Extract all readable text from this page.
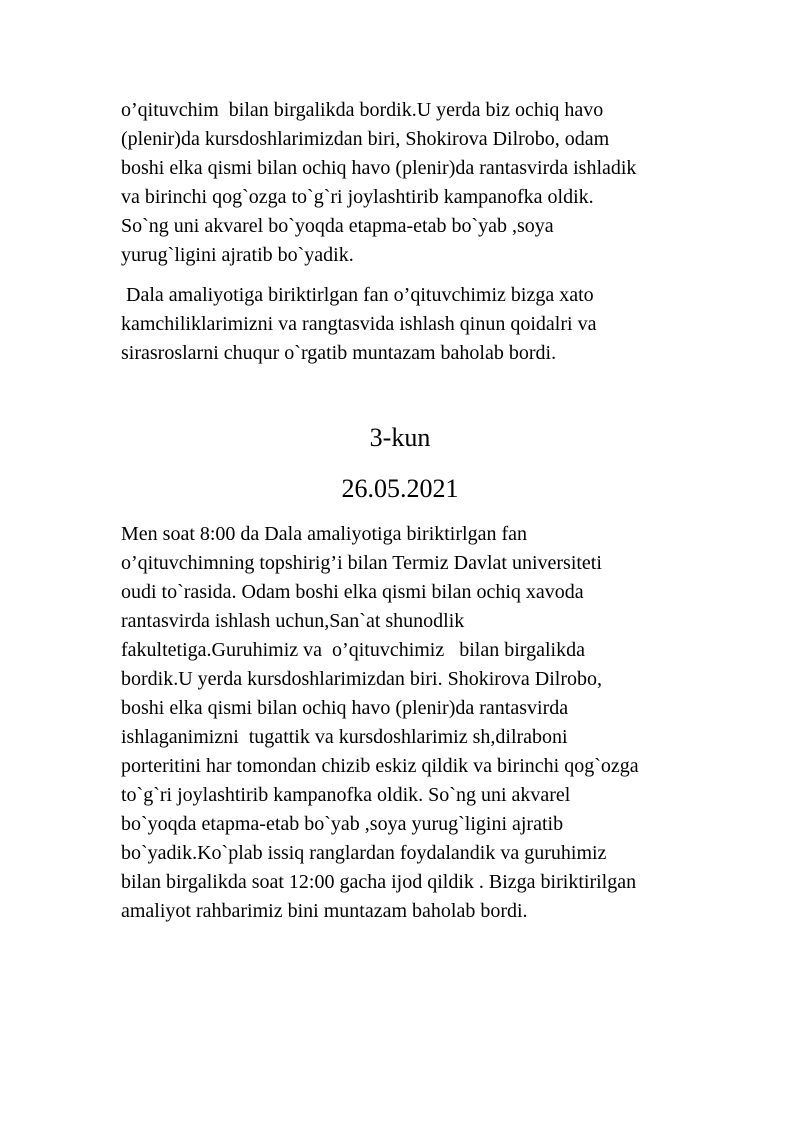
o’qituvchim  bilan birgalikda bordik.U yerda biz ochiq havo
(plenir)da kursdoshlarimizdan biri, Shokirova Dilrobo, odam
boshi elka qismi bilan ochiq havo (plenir)da rantasvirda ishladik
va birinchi qog`ozga to`g`ri joylashtirib kampanofka oldik.
So`ng uni akvarel bo`yoqda etapma-etab bo`yab ,soya
yurug`ligini ajratib bo`yadik.
Dala amaliyotiga biriktirlgan fan o’qituvchimiz bizga xato
kamchiliklarimizni va rangtasvida ishlash qinun qoidalri va
sirasroslarni chuqur o`rgatib muntazam baholab bordi.
3-kun
26.05.2021
Men soat 8:00 da Dala amaliyotiga biriktirlgan fan
o’qituvchimning topshirig’i bilan Termiz Davlat universiteti
oudi to`rasida. Odam boshi elka qismi bilan ochiq xavoda
rantasvirda ishlash uchun,San`at shunodlik
fakultetiga.Guruhimiz va  o’qituvchimiz   bilan birgalikda
bordik.U yerda kursdoshlarimizdan biri. Shokirova Dilrobo,
boshi elka qismi bilan ochiq havo (plenir)da rantasvirda
ishlaganimizni  tugattik va kursdoshlarimiz sh,dilraboni
porteritini har tomondan chizib eskiz qildik va birinchi qog`ozga
to`g`ri joylashtirib kampanofka oldik. So`ng uni akvarel
bo`yoqda etapma-etab bo`yab ,soya yurug`ligini ajratib
bo`yadik.Ko`plab issiq ranglardan foydalandik va guruhimiz
bilan birgalikda soat 12:00 gacha ijod qildik . Bizga biriktirilgan
amaliyot rahbarimiz bini muntazam baholab bordi.
